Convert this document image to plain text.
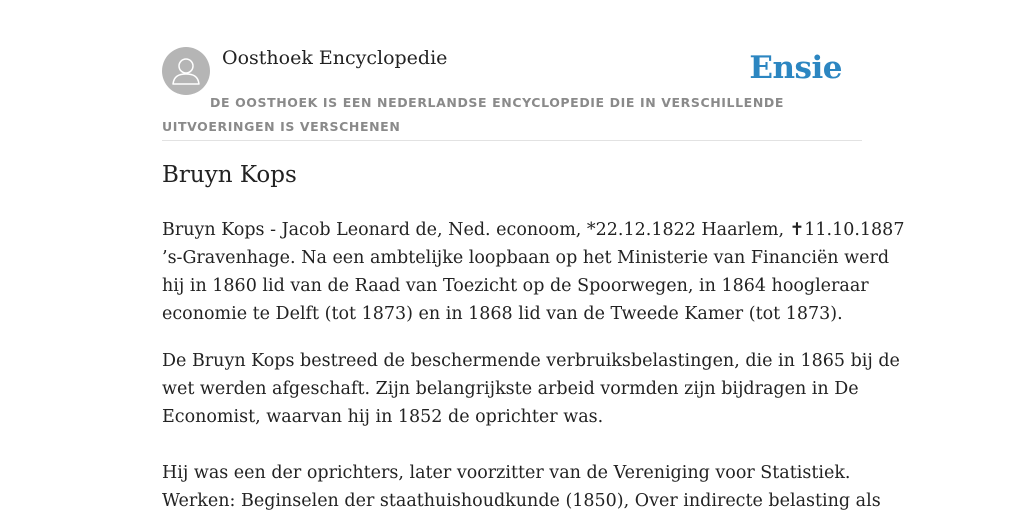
Oosthoek Encyclopedie	Ensie
DE OOSTHOEK IS EEN NEDERLANDSE ENCYCLOPEDIE DIE IN VERSCHILLENDE UITVOERINGEN IS VERSCHENEN
Bruyn Kops

Bruyn Kops - Jacob Leonard de, Ned. econoom, *22.12.1822 Haarlem, ✝11.10.1887
’s-Gravenhage. Na een ambtelijke loopbaan op het Ministerie van Financiën werd
hij in 1860 lid van de Raad van Toezicht op de Spoorwegen, in 1864 hoogleraar
economie te Delft (tot 1873) en in 1868 lid van de Tweede Kamer (tot 1873).

De Bruyn Kops bestreed de beschermende verbruiksbelastingen, die in 1865 bij de
wet werden afgeschaft. Zijn belangrijkste arbeid vormden zijn bijdragen in De
Economist, waarvan hij in 1852 de oprichter was.

Hij was een der oprichters, later voorzitter van de Vereniging voor Statistiek.
Werken: Beginselen der staathuishoudkunde (1850), Over indirecte belasting als
